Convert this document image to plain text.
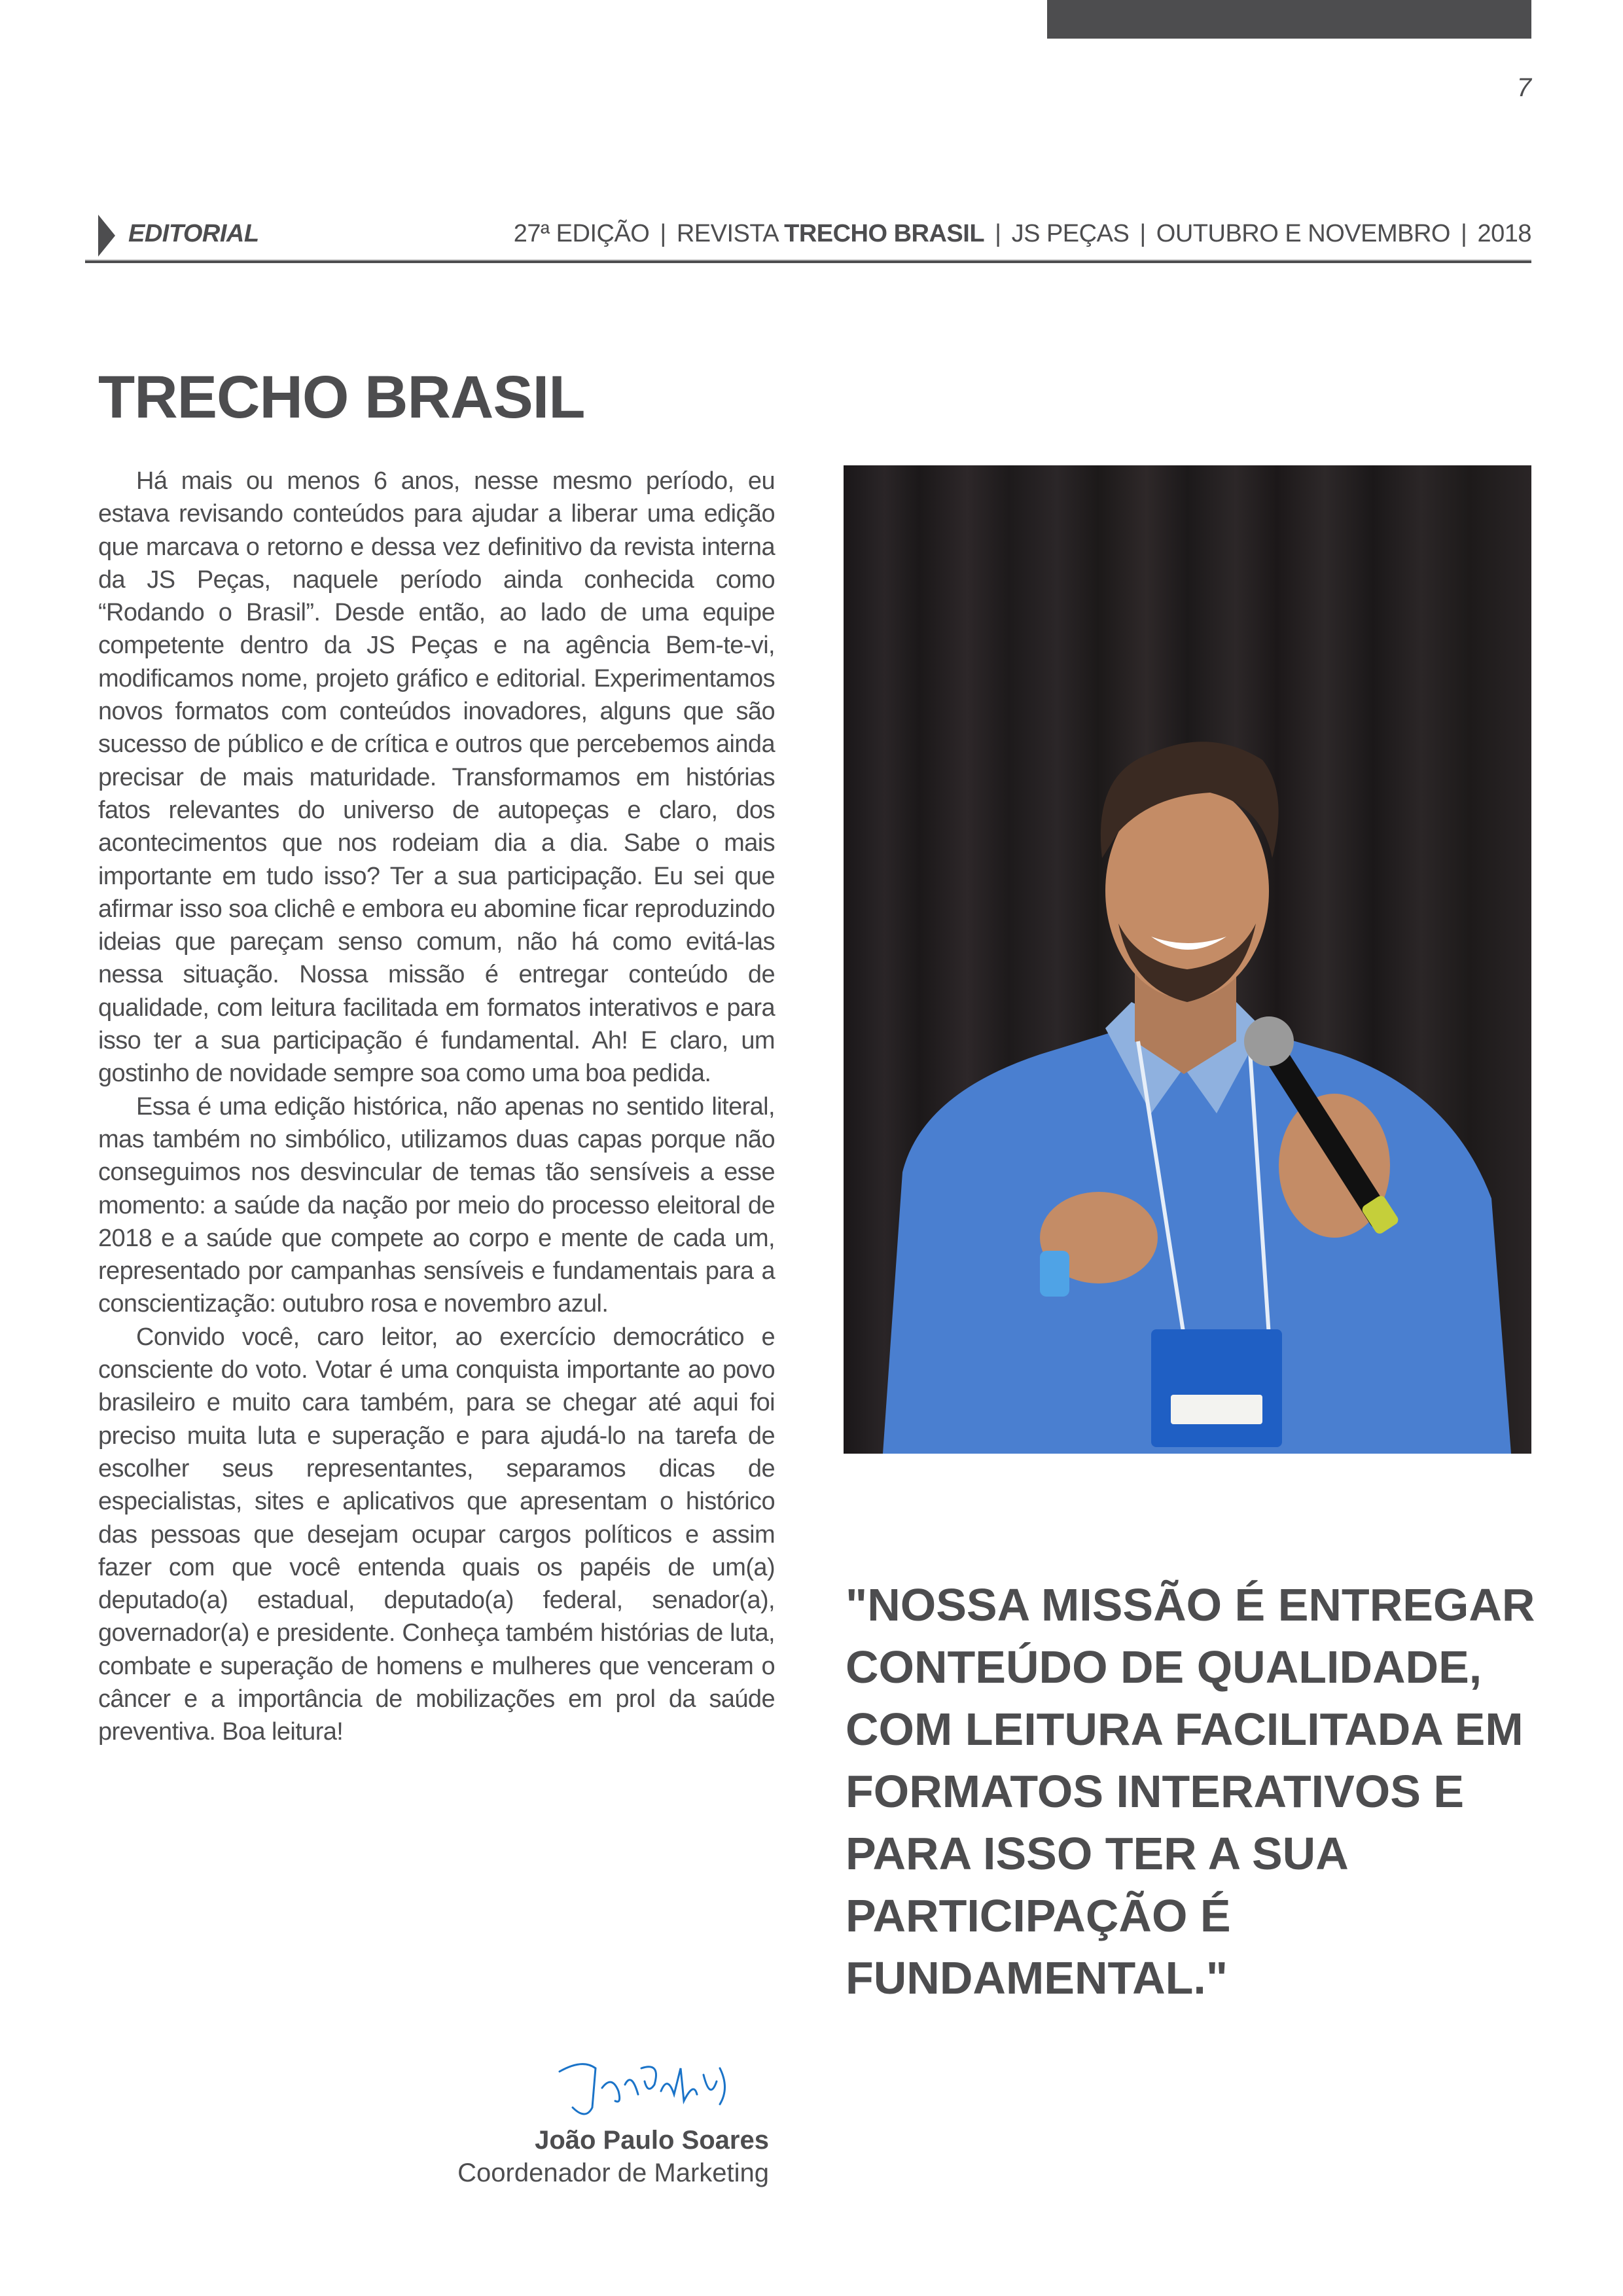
7
EDITORIAL	27ª EDIÇÃO | REVISTA TRECHO BRASIL | JS PEÇAS | OUTUBRO E NOVEMBRO | 2018
TRECHO BRASIL

Há mais ou menos 6 anos, nesse mesmo período, eu estava revisando conteúdos para ajudar a liberar uma edição que marcava o retorno e dessa vez definitivo da revista interna da JS Peças, naquele período ainda conhecida como “Rodando o Brasil”. Desde então, ao lado de uma equipe competente dentro da JS Peças e na agência Bem-te-vi, modificamos nome, projeto gráfico e editorial. Experimentamos novos formatos com conteúdos inovadores, alguns que são sucesso de público e de crítica e outros que percebemos ainda precisar de mais maturidade. Transformamos em histórias fatos relevantes do universo de autopeças e claro, dos acontecimentos que nos rodeiam dia a dia. Sabe o mais importante em tudo isso? Ter a sua participação. Eu sei que afirmar isso soa clichê e embora eu abomine ficar reproduzindo ideias que pareçam senso comum, não há como evitá-las nessa situação. Nossa missão é entregar conteúdo de qualidade, com leitura facilitada em formatos interativos e para isso ter a sua participação é fundamental. Ah! E claro, um gostinho de novidade sempre soa como uma boa pedida.

Essa é uma edição histórica, não apenas no sentido literal, mas também no simbólico, utilizamos duas capas porque não conseguimos nos desvincular de temas tão sensíveis a esse momento: a saúde da nação por meio do processo eleitoral de 2018 e a saúde que compete ao corpo e mente de cada um, representado por campanhas sensíveis e fundamentais para a conscientização: outubro rosa e novembro azul.

Convido você, caro leitor, ao exercício democrático e consciente do voto. Votar é uma conquista importante ao povo brasileiro e muito cara também, para se chegar até aqui foi preciso muita luta e superação e para ajudá-lo na tarefa de escolher seus representantes, separamos dicas de especialistas, sites e aplicativos que apresentam o histórico das pessoas que desejam ocupar cargos políticos e assim fazer com que você entenda quais os papéis de um(a) deputado(a) estadual, deputado(a) federal, senador(a), governador(a) e presidente. Conheça também histórias de luta, combate e superação de homens e mulheres que venceram o câncer e a importância de mobilizações em prol da saúde preventiva. Boa leitura!

"NOSSA MISSÃO É ENTREGAR CONTEÚDO DE QUALIDADE, COM LEITURA FACILITADA EM FORMATOS INTERATIVOS E PARA ISSO TER A SUA PARTICIPAÇÃO É FUNDAMENTAL."

João Paulo Soares
Coordenador de Marketing
